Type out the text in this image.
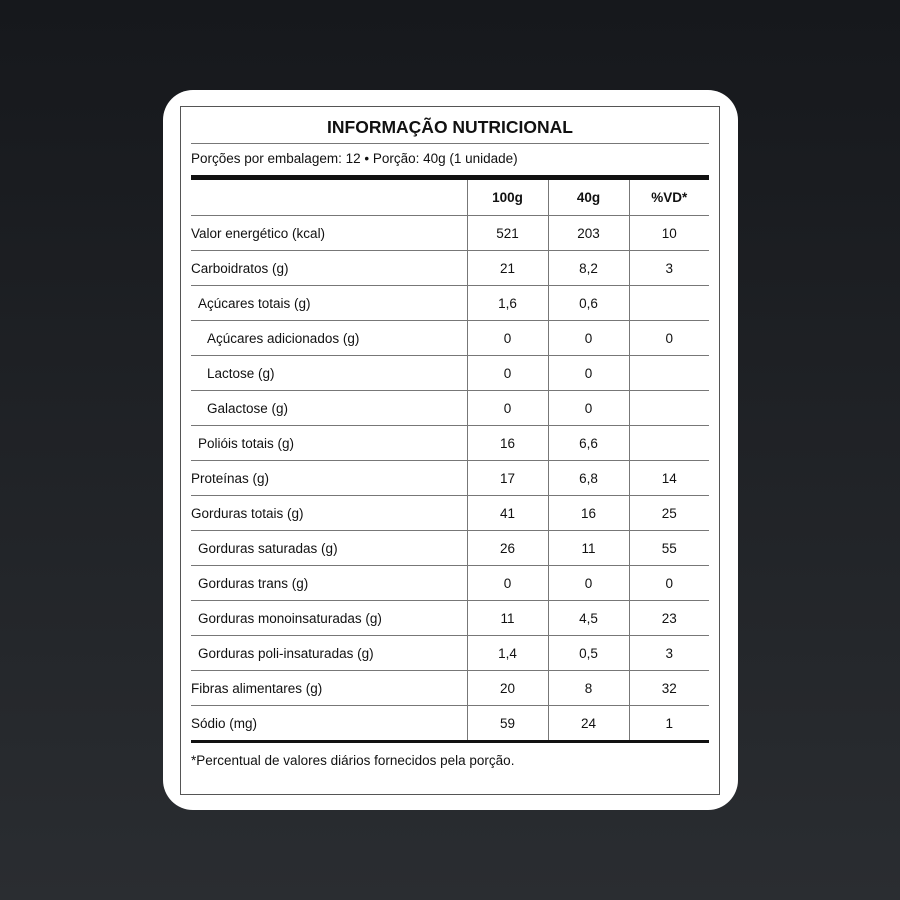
INFORMAÇÃO NUTRICIONAL
Porções por embalagem: 12 • Porção: 40g (1 unidade)
	100g	40g	%VD*
Valor energético (kcal)	521	203	10
Carboidratos (g)	21	8,2	3
Açúcares totais (g)	1,6	0,6	
Açúcares adicionados (g)	0	0	0
Lactose (g)	0	0	
Galactose (g)	0	0	
Polióis totais (g)	16	6,6	
Proteínas (g)	17	6,8	14
Gorduras totais (g)	41	16	25
Gorduras saturadas (g)	26	11	55
Gorduras trans (g)	0	0	0
Gorduras monoinsaturadas (g)	11	4,5	23
Gorduras poli-insaturadas (g)	1,4	0,5	3
Fibras alimentares (g)	20	8	32
Sódio (mg)	59	24	1
*Percentual de valores diários fornecidos pela porção.
